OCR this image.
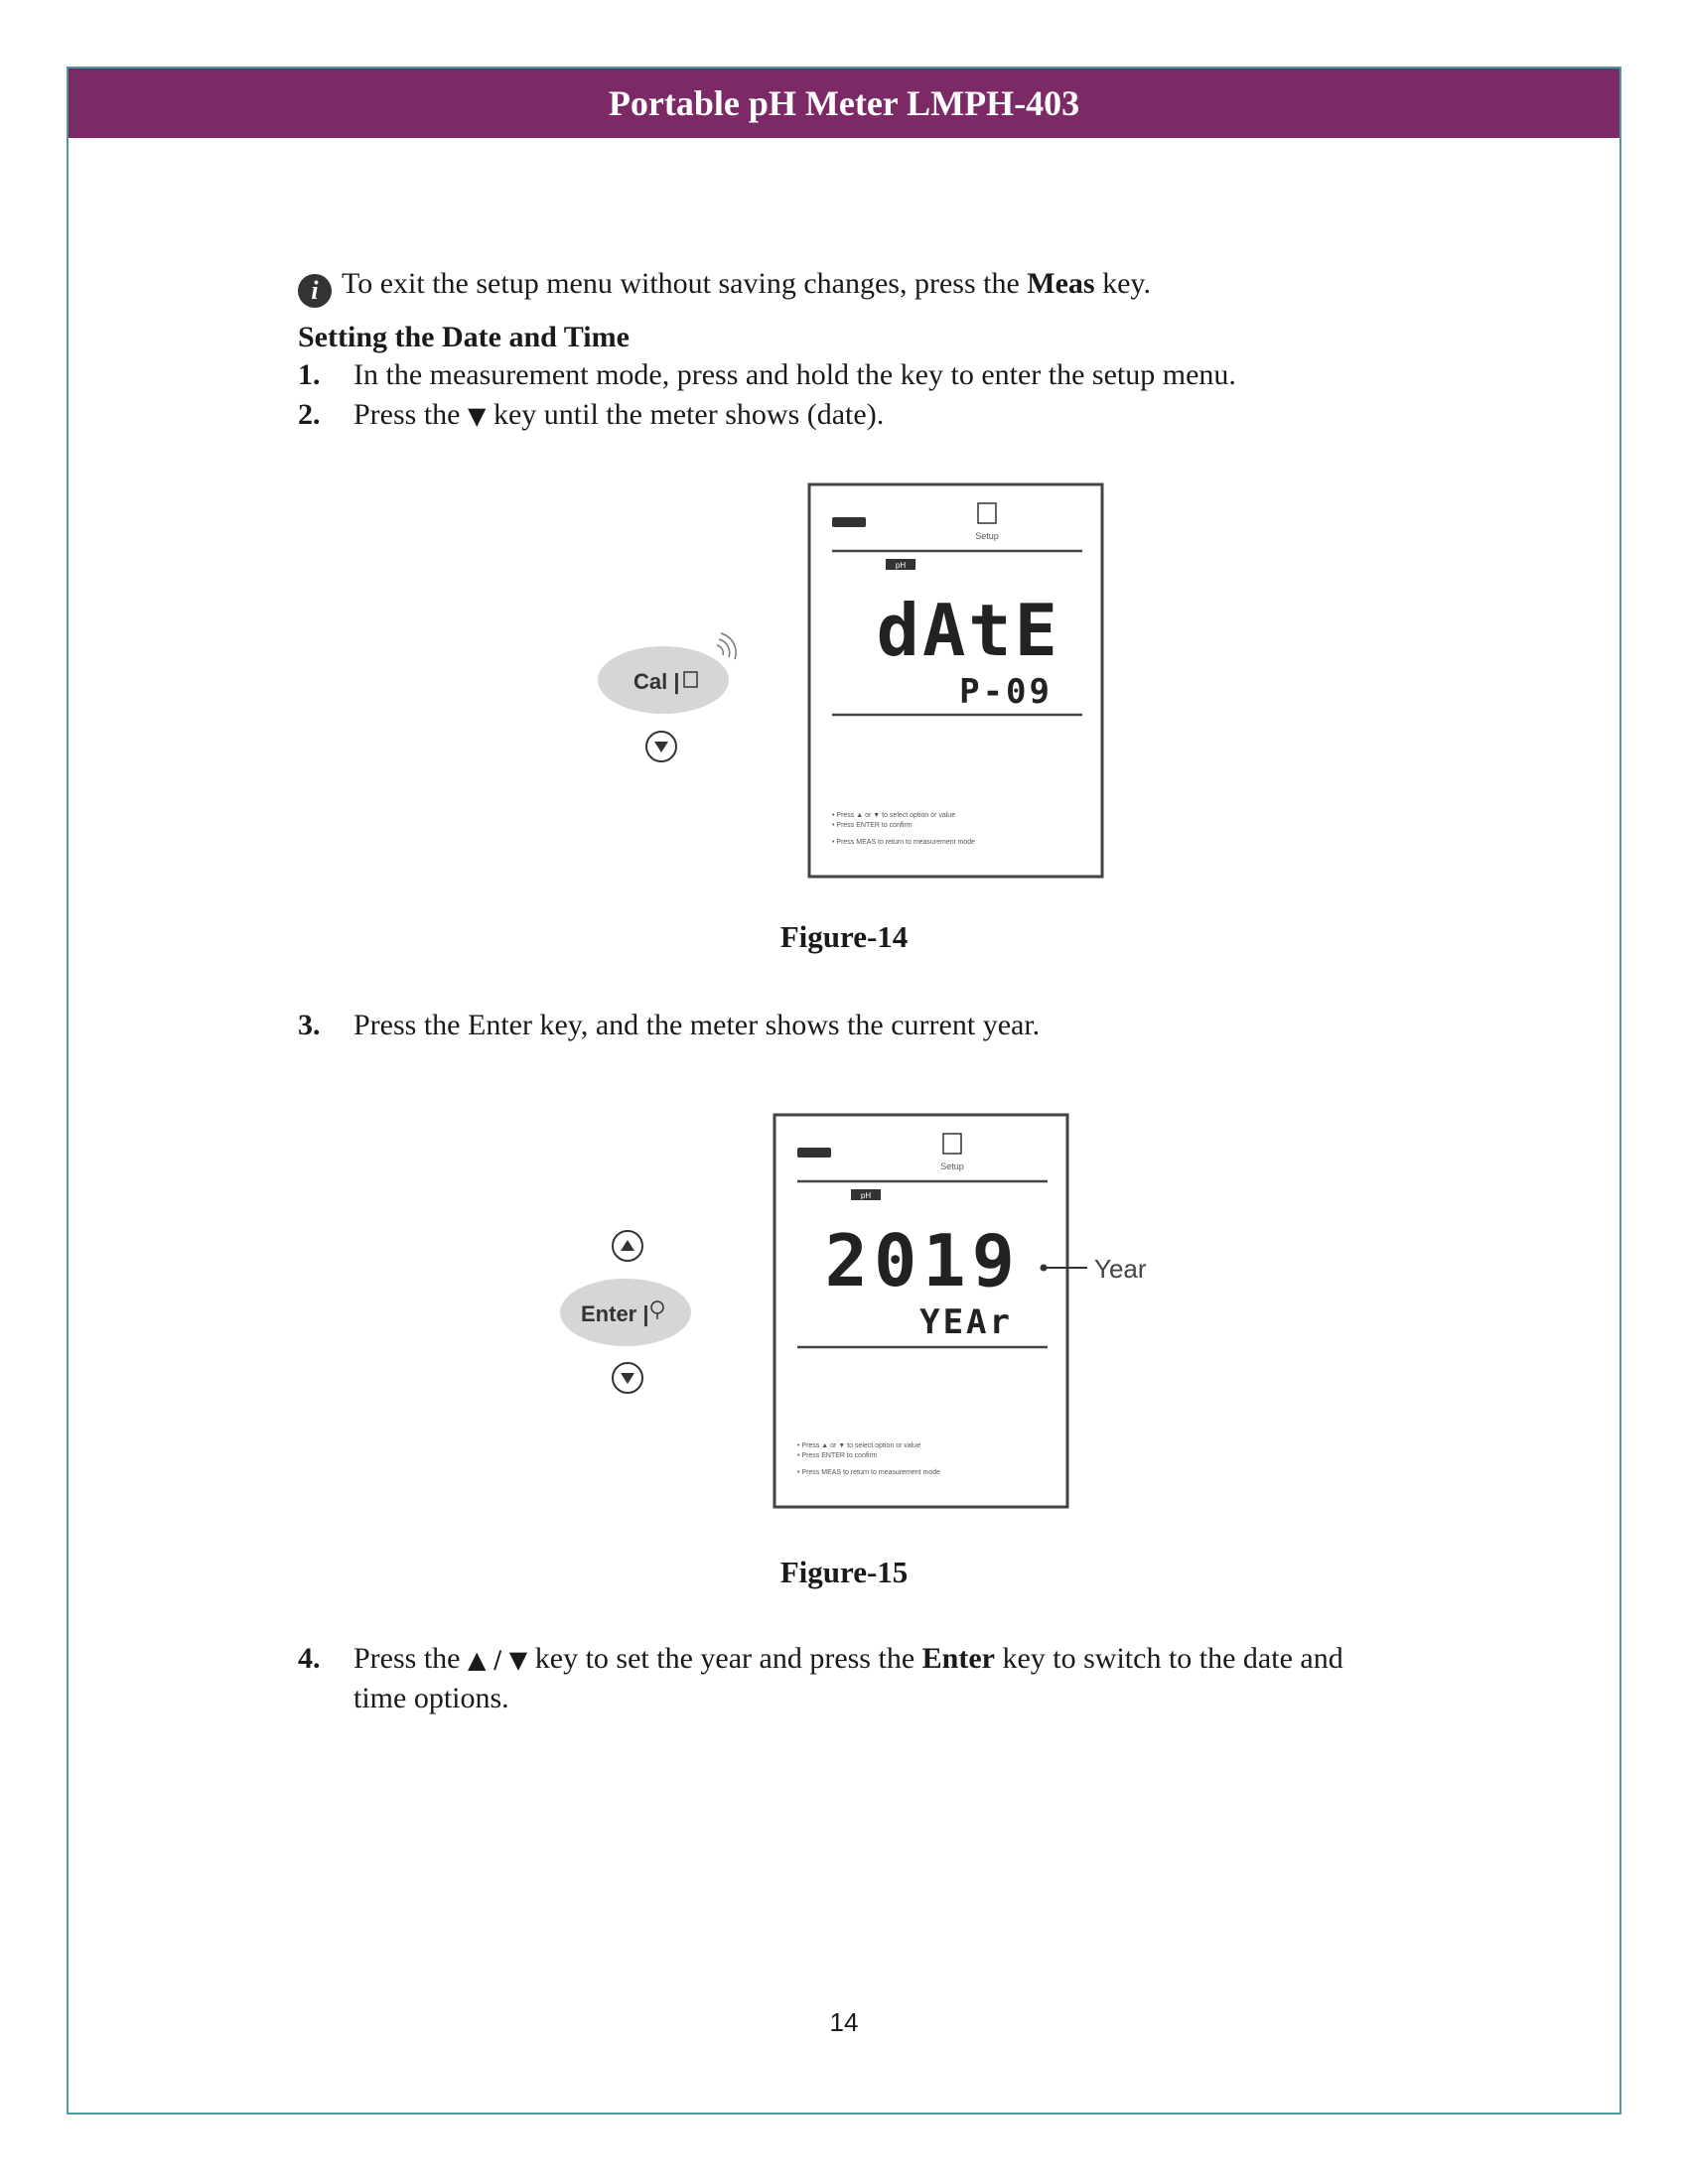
Portable pH Meter LMPH-403
i To exit the setup menu without saving changes, press the Meas key.
Setting the Date and Time
1. In the measurement mode, press and hold the key to enter the setup menu.
2. Press the ▼ key until the meter shows (date).
Cal |
Setup
pH
dAtE
P-09
• Press ▲ or ▼ to select option or value
• Press ENTER to confirm
• Press MEAS to return to measurement mode
Figure-14
3. Press the Enter key, and the meter shows the current year.
Enter |
Setup
pH
2019
YEAr
• Press ▲ or ▼ to select option or value
• Press ENTER to confirm
• Press MEAS to return to measurement mode
Year
Figure-15
4. Press the ▲ / ▼ key to set the year and press the Enter key to switch to the date and
time options.
14
